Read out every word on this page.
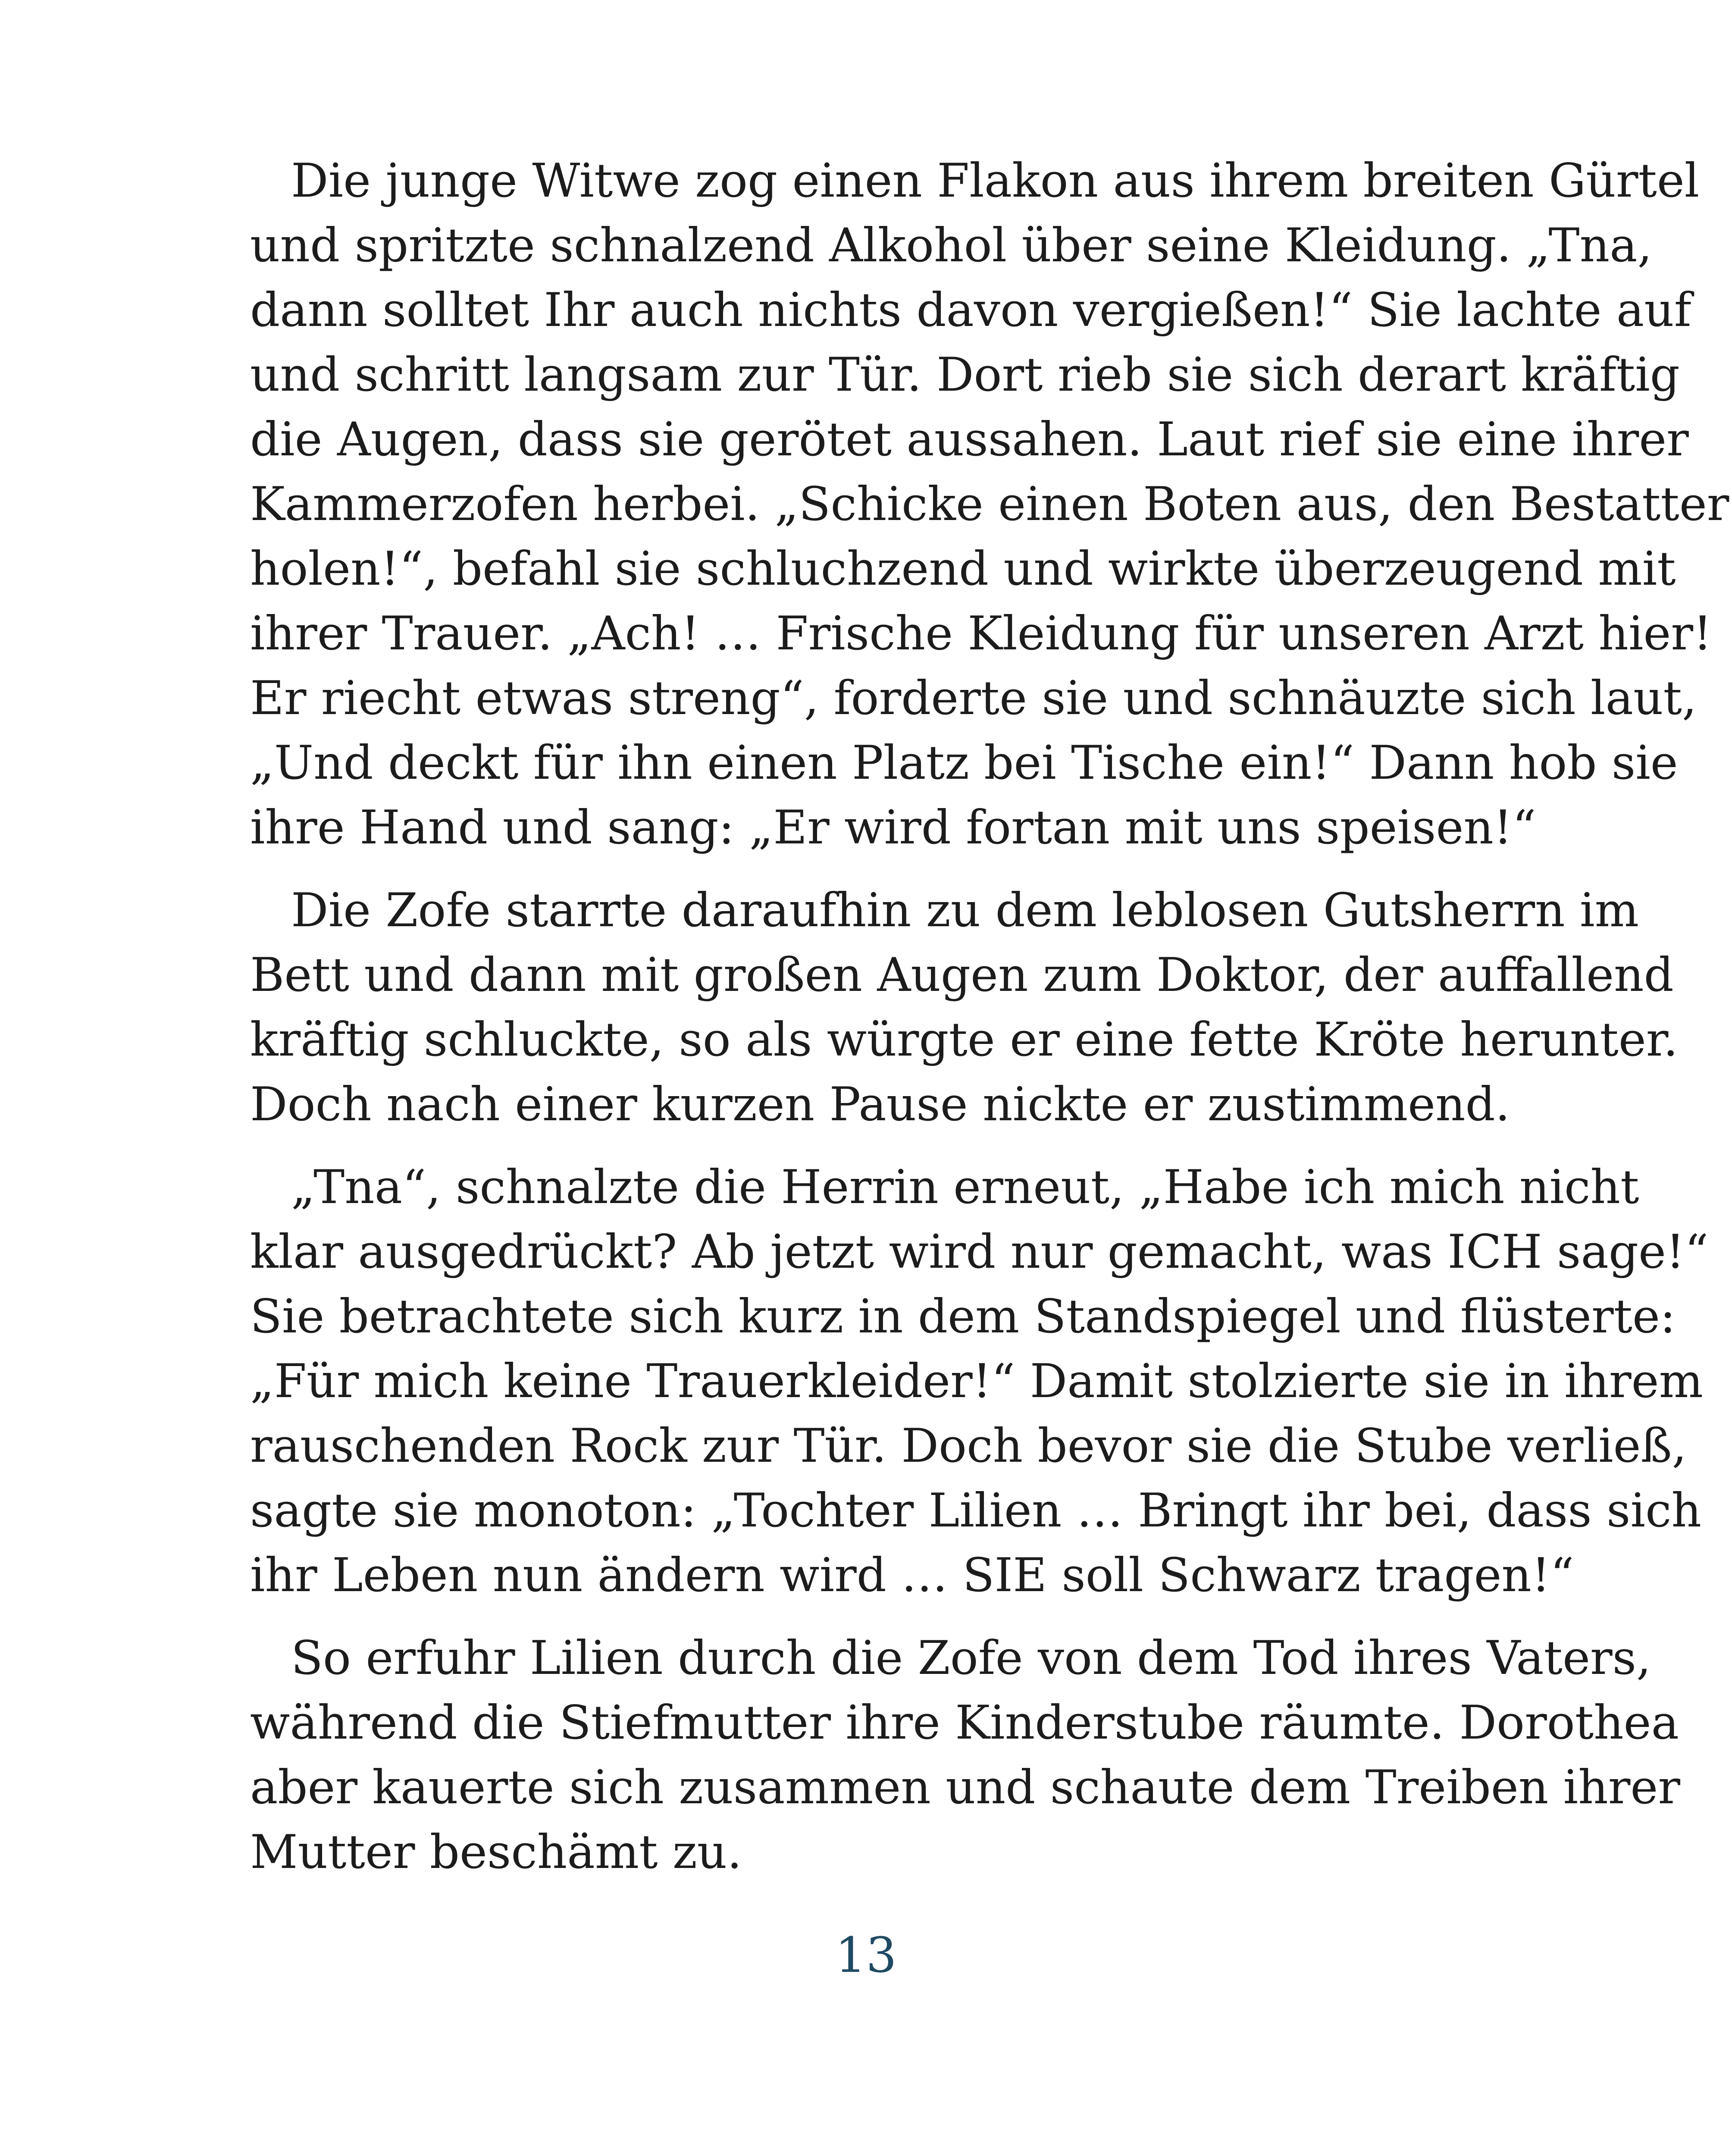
Die junge Witwe zog einen Flakon aus ihrem breiten Gürtel
und spritzte schnalzend Alkohol über seine Kleidung. „Tna,
dann solltet Ihr auch nichts davon vergießen!“ Sie lachte auf
und schritt langsam zur Tür. Dort rieb sie sich derart kräftig
die Augen, dass sie gerötet aussahen. Laut rief sie eine ihrer
Kammerzofen herbei. „Schicke einen Boten aus, den Bestatter
holen!“, befahl sie schluchzend und wirkte überzeugend mit
ihrer Trauer. „Ach! … Frische Kleidung für unseren Arzt hier!
Er riecht etwas streng“, forderte sie und schnäuzte sich laut,
„Und deckt für ihn einen Platz bei Tische ein!“ Dann hob sie
ihre Hand und sang: „Er wird fortan mit uns speisen!“
Die Zofe starrte daraufhin zu dem leblosen Gutsherrn im
Bett und dann mit großen Augen zum Doktor, der auffallend
kräftig schluckte, so als würgte er eine fette Kröte herunter.
Doch nach einer kurzen Pause nickte er zustimmend.
„Tna“, schnalzte die Herrin erneut, „Habe ich mich nicht
klar ausgedrückt? Ab jetzt wird nur gemacht, was ICH sage!“
Sie betrachtete sich kurz in dem Standspiegel und flüsterte:
„Für mich keine Trauerkleider!“ Damit stolzierte sie in ihrem
rauschenden Rock zur Tür. Doch bevor sie die Stube verließ,
sagte sie monoton: „Tochter Lilien … Bringt ihr bei, dass sich
ihr Leben nun ändern wird … SIE soll Schwarz tragen!“
So erfuhr Lilien durch die Zofe von dem Tod ihres Vaters,
während die Stiefmutter ihre Kinderstube räumte. Dorothea
aber kauerte sich zusammen und schaute dem Treiben ihrer
Mutter beschämt zu.
13
